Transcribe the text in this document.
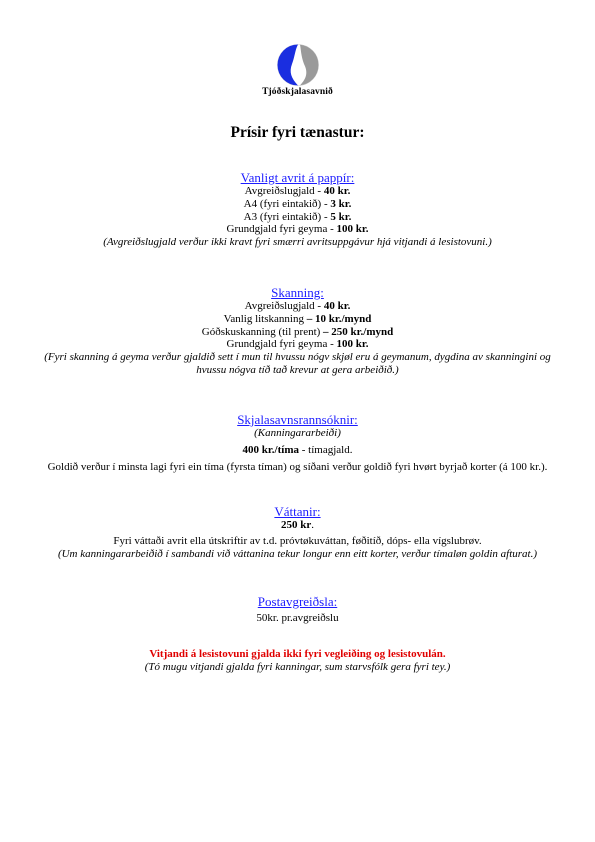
Tjóðskjalasavnið
Prísir fyri tænastur:

Vanligt avrit á pappír:

Avgreiðslugjald - 40 kr.

A4 (fyri eintakið) - 3 kr.

A3 (fyri eintakið) - 5 kr.

Grundgjald fyri geyma - 100 kr.

(Avgreiðslugjald verður ikki kravt fyri smærri avritsuppgávur hjá vitjandi á lesistovuni.)

Skanning:

Avgreiðslugjald - 40 kr.

Vanlig litskanning – 10 kr./mynd

Góðskuskanning (til prent) – 250 kr./mynd

Grundgjald fyri geyma - 100 kr.

(Fyri skanning á geyma verður gjaldið sett í mun til hvussu nógv skjøl eru á geymanum, dygdina av skanningini og hvussu nógva tíð tað krevur at gera arbeiðið.)

Skjalasavnsrannsóknir:

(Kanningararbeiði)

400 kr./tíma - tímagjald.

Goldið verður í minsta lagi fyri ein tíma (fyrsta tíman) og síðani verður goldið fyri hvørt byrjað korter (á 100 kr.).

Váttanir:

250 kr.

Fyri váttaði avrit ella útskriftir av t.d. próvtøkuváttan, føðitíð, dóps- ella vígslubrøv.

(Um kanningararbeiðið í sambandi við váttanina tekur longur enn eitt korter, verður tímaløn goldin afturat.)

Postavgreiðsla:

50kr. pr.avgreiðslu

Vitjandi á lesistovuni gjalda ikki fyri vegleiðing og lesistovulán.

(Tó mugu vitjandi gjalda fyri kanningar, sum starvsfólk gera fyri tey.)
